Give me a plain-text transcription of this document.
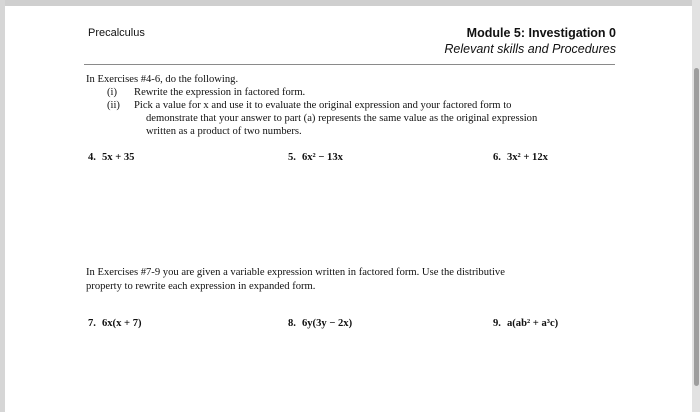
Precalculus	Module 5: Investigation 0
Relevant skills and Procedures
In Exercises #4-6, do the following.
(i) Rewrite the expression in factored form.
(ii) Pick a value for x and use it to evaluate the original expression and your factored form to
demonstrate that your answer to part (a) represents the same value as the original expression
written as a product of two numbers.
4. 5x + 35	5. 6x² − 13x	6. 3x² + 12x
In Exercises #7-9 you are given a variable expression written in factored form. Use the distributive
property to rewrite each expression in expanded form.
7. 6x(x + 7)	8. 6y(3y − 2x)	9. a(ab² + a³c)
